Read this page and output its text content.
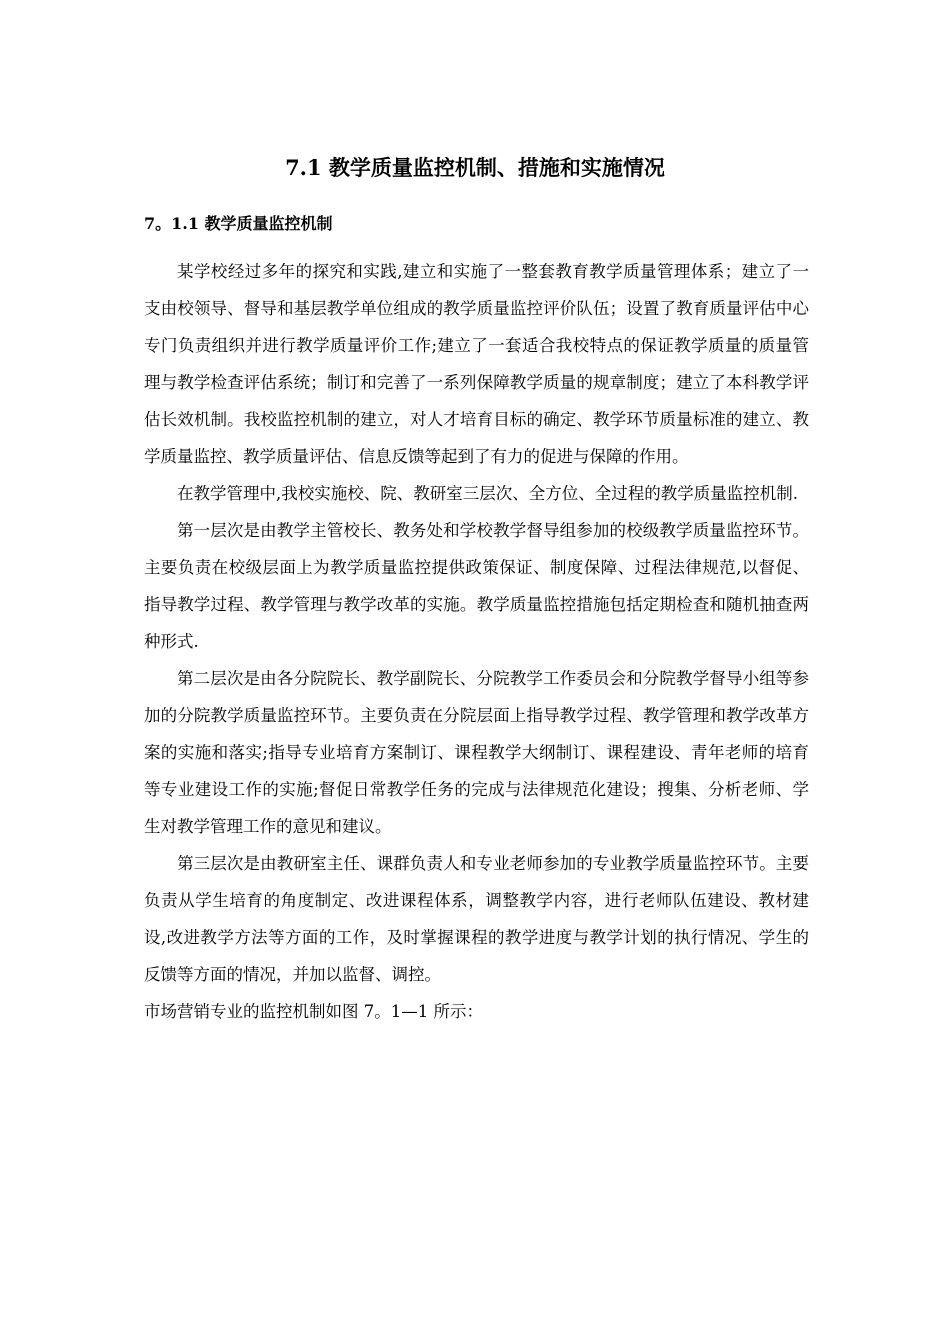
7.1 教学质量监控机制、措施和实施情况
7。1.1 教学质量监控机制

某学校经过多年的探究和实践,建立和实施了一整套教育教学质量管理体系；建立了一支由校领导、督导和基层教学单位组成的教学质量监控评价队伍；设置了教育质量评估中心专门负责组织并进行教学质量评价工作;建立了一套适合我校特点的保证教学质量的质量管理与教学检查评估系统；制订和完善了一系列保障教学质量的规章制度；建立了本科教学评估长效机制。我校监控机制的建立，对人才培育目标的确定、教学环节质量标准的建立、教学质量监控、教学质量评估、信息反馈等起到了有力的促进与保障的作用。

在教学管理中,我校实施校、院、教研室三层次、全方位、全过程的教学质量监控机制.

第一层次是由教学主管校长、教务处和学校教学督导组参加的校级教学质量监控环节。主要负责在校级层面上为教学质量监控提供政策保证、制度保障、过程法律规范,以督促、指导教学过程、教学管理与教学改革的实施。教学质量监控措施包括定期检查和随机抽查两种形式.

第二层次是由各分院院长、教学副院长、分院教学工作委员会和分院教学督导小组等参加的分院教学质量监控环节。主要负责在分院层面上指导教学过程、教学管理和教学改革方案的实施和落实;指导专业培育方案制订、课程教学大纲制订、课程建设、青年老师的培育等专业建设工作的实施;督促日常教学任务的完成与法律规范化建设；搜集、分析老师、学生对教学管理工作的意见和建议。

第三层次是由教研室主任、课群负责人和专业老师参加的专业教学质量监控环节。主要负责从学生培育的角度制定、改进课程体系，调整教学内容，进行老师队伍建设、教材建设,改进教学方法等方面的工作，及时掌握课程的教学进度与教学计划的执行情况、学生的反馈等方面的情况，并加以监督、调控。

市场营销专业的监控机制如图 7。1—1 所示：
